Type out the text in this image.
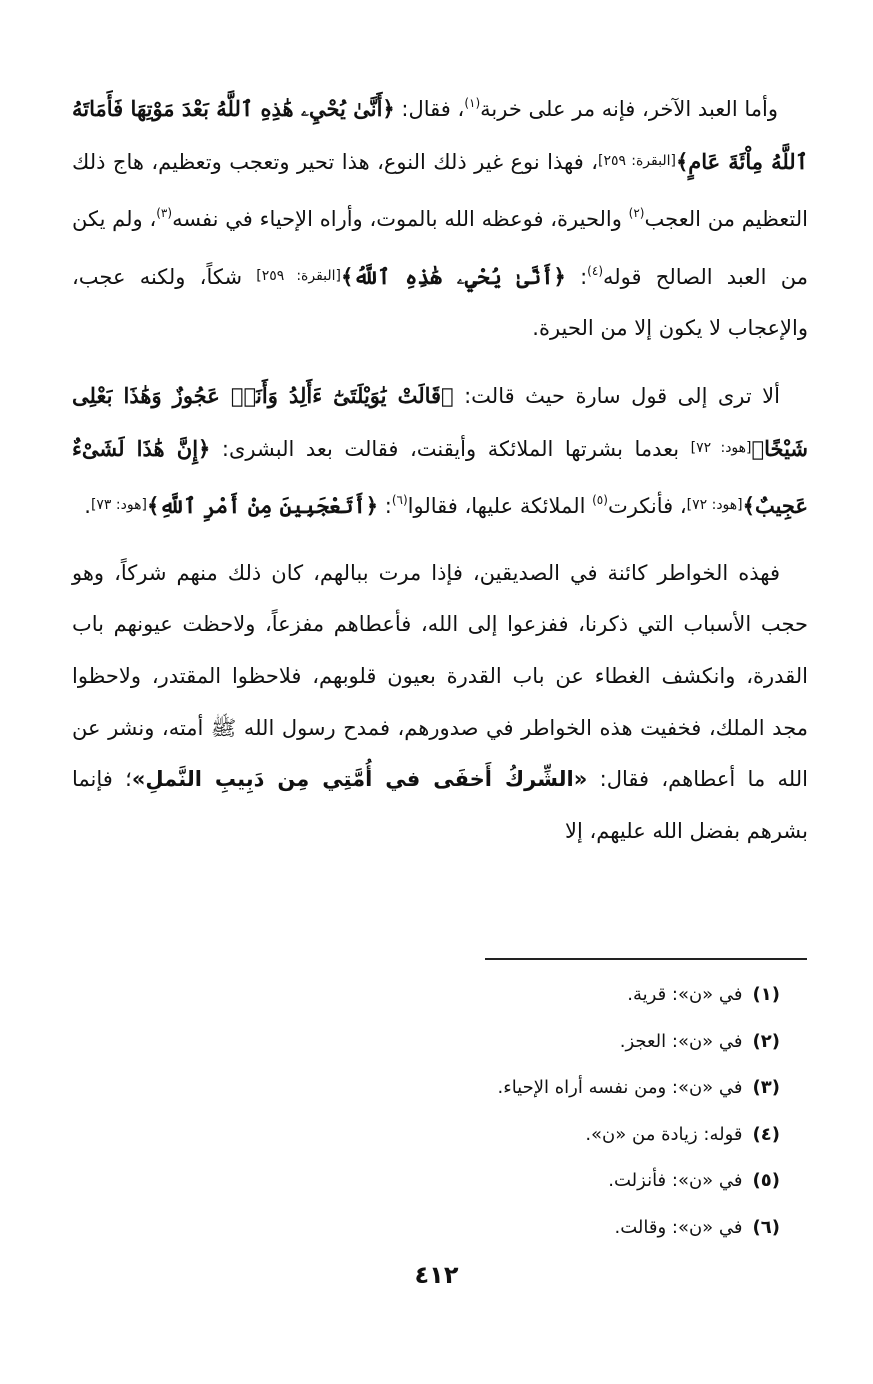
وأما العبد الآخر، فإنه مر على خربة$^{(١)}$، فقال: ﴿أَنَّىٰ يُحْيِۦ هَٰذِهِ ٱللَّهُ بَعْدَ مَوْتِهَا فَأَمَاتَهُ ٱللَّهُ مِاْئَةَ عَامٍ﴾[البقرة: ٢٥٩]، فهذا نوع غير ذلك النوع، هذا تحير وتعجب وتعظيم، هاج ذلك التعظيم من العجب$^{(٢)}$ والحيرة، فوعظه الله بالموت، وأراه الإحياء في نفسه$^{(٣)}$، ولم يكن من العبد الصالح قوله$^{(٤)}$: ﴿أَنَّىٰ يُحْيِۦ هَٰذِهِ ٱللَّهُ﴾[البقرة: ٢٥٩] شكاً، ولكنه عجب، والإعجاب لا يكون إلا من الحيرة.

ألا ترى إلى قول سارة حيث قالت: ﴿قَالَتْ يَٰوَيْلَتَىٰٓ ءَأَلِدُ وَأَنَا۠ عَجُوزٌ وَهَٰذَا بَعْلِى شَيْخًا﴾[هود: ٧٢] بعدما بشرتها الملائكة وأيقنت، فقالت بعد البشرى: ﴿إِنَّ هَٰذَا لَشَىْءٌ عَجِيبٌ﴾[هود: ٧٢]، فأنكرت$^{(٥)}$ الملائكة عليها، فقالوا$^{(٦)}$: ﴿أَتَعْجَبِينَ مِنْ أَمْرِ ٱللَّهِ﴾[هود: ٧٣].

فهذه الخواطر كائنة في الصديقين، فإذا مرت ببالهم، كان ذلك منهم شركاً، وهو حجب الأسباب التي ذكرنا، ففزعوا إلى الله، فأعطاهم مفزعاً، ولاحظت عيونهم باب القدرة، وانكشف الغطاء عن باب القدرة بعيون قلوبهم، فلاحظوا المقتدر، ولاحظوا مجد الملك، فخفيت هذه الخواطر في صدورهم، فمدح رسول الله ﷺ أمته، ونشر عن الله ما أعطاهم، فقال: «الشِّركُ أَخفَى في أُمَّتِي مِن دَبِيبِ النَّملِ»؛ فإنما بشرهم بفضل الله عليهم، إلا

(١)في «ن»: قرية.
(٢)في «ن»: العجز.
(٣)في «ن»: ومن نفسه أراه الإحياء.
(٤)قوله: زيادة من «ن».
(٥)في «ن»: فأنزلت.
(٦)في «ن»: وقالت.
٤١٢
